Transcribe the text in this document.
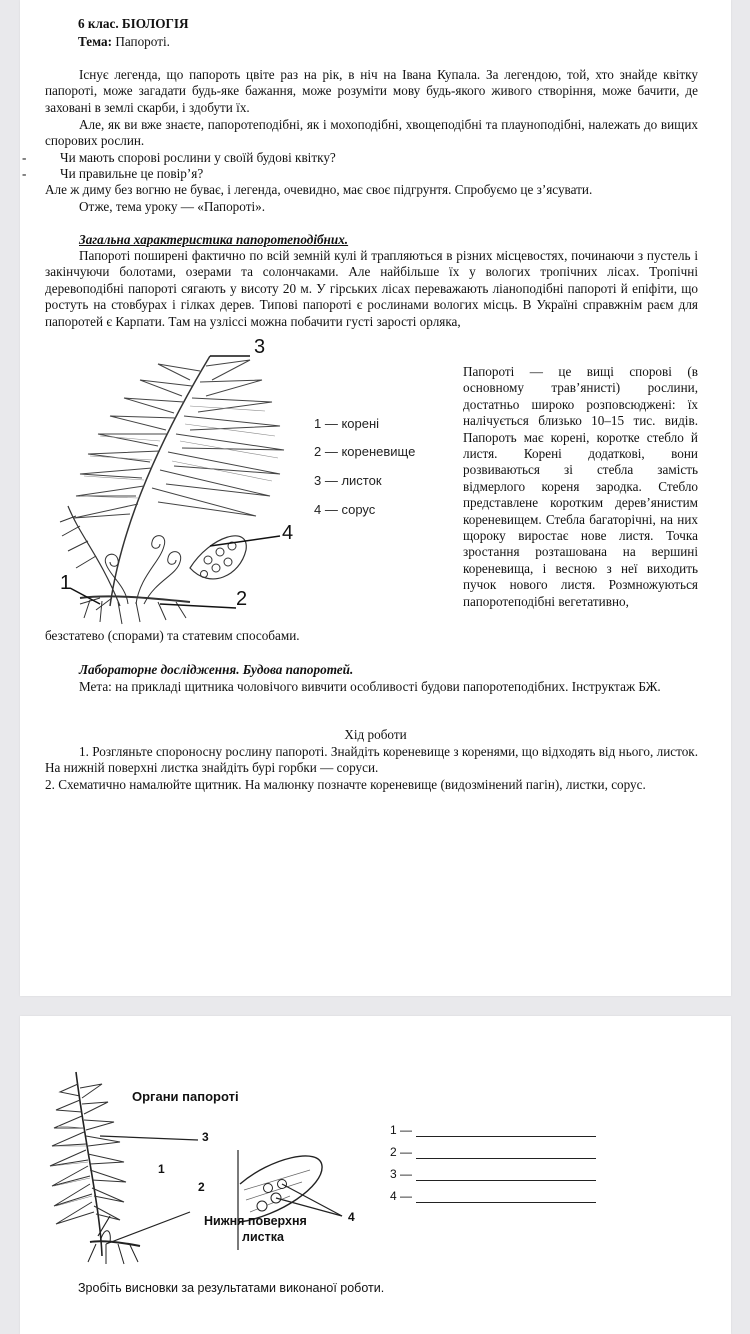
6 клас. БІОЛОГІЯ
Тема: Папороті.
Існує легенда, що папороть цвіте раз на рік, в ніч на Івана Купала. За легендою, той, хто знайде квітку папороті, може загадати будь-яке бажання, може розуміти мову будь-якого живого створіння, може бачити, де заховані в землі скарби, і здобути їх.
Але, як ви вже знаєте, папоротеподібні, як і мохоподібні, хвощеподібні та плауноподібні, належать до вищих спорових рослин.
-	Чи мають спорові рослини у своїй будові квітку?
-	Чи правильне це повір’я?
Але ж диму без вогню не буває, і легенда, очевидно, має своє підгрунтя. Спробуємо це з’ясувати.
Отже, тема уроку — «Папороті».
Загальна характеристика папоротеподібних.
Папороті поширені фактично по всій земній кулі й трапляються в різних місцевостях, починаючи з пустель і закінчуючи болотами, озерами та солончаками. Але найбільше їх у вологих тропічних лісах. Тропічні деревоподібні папороті сягають у висоту 20 м. У гірських лісах переважають ліаноподібні папороті й епіфіти, що ростуть на стовбурах і гілках дерев. Типові папороті є рослинами вологих місць. В Україні справжнім раєм для папоротей є Карпати. Там на узліссі можна побачити густі зарості орляка,
3
4
1
2
1 — корені
2 — кореневище
3 — листок
4 — сорус
Папороті — це вищі спорові (в основному трав’янисті) рослини, достатньо широко розповсюджені: їх налічується близько 10–15 тис. видів. Папороть має корені, коротке стебло й листя. Корені додаткові, вони розвиваються зі стебла замість відмерлого кореня зародка. Стебло представлене коротким дерев’янистим кореневищем. Стебла багаторічні, на них щороку виростає нове листя. Точка зростання розташована на вершині кореневища, і весною з неї виходить пучок нового листя. Розмножуються папоротеподібні вегетативно,
безстатево (спорами) та статевим способами.
Лабораторне дослідження. Будова папоротей.
Мета: на прикладі щитника чоловічого вивчити особливості будови папоротеподібних. Інструктаж БЖ.
Хід роботи
1. Розгляньте спороносну рослину папороті. Знайдіть кореневище з коренями, що відходять від нього, листок. На нижній поверхні листка знайдіть бурі горбки — соруси.
2. Схематично намалюйте щитник. На малюнку позначте кореневище (видозмінений пагін), листки, сорус.
3
1
2
4
Органи папороті
Нижня поверхня
листка
1 —
2 —
3 —
4 —
Зробіть висновки за результатами виконаної роботи.
